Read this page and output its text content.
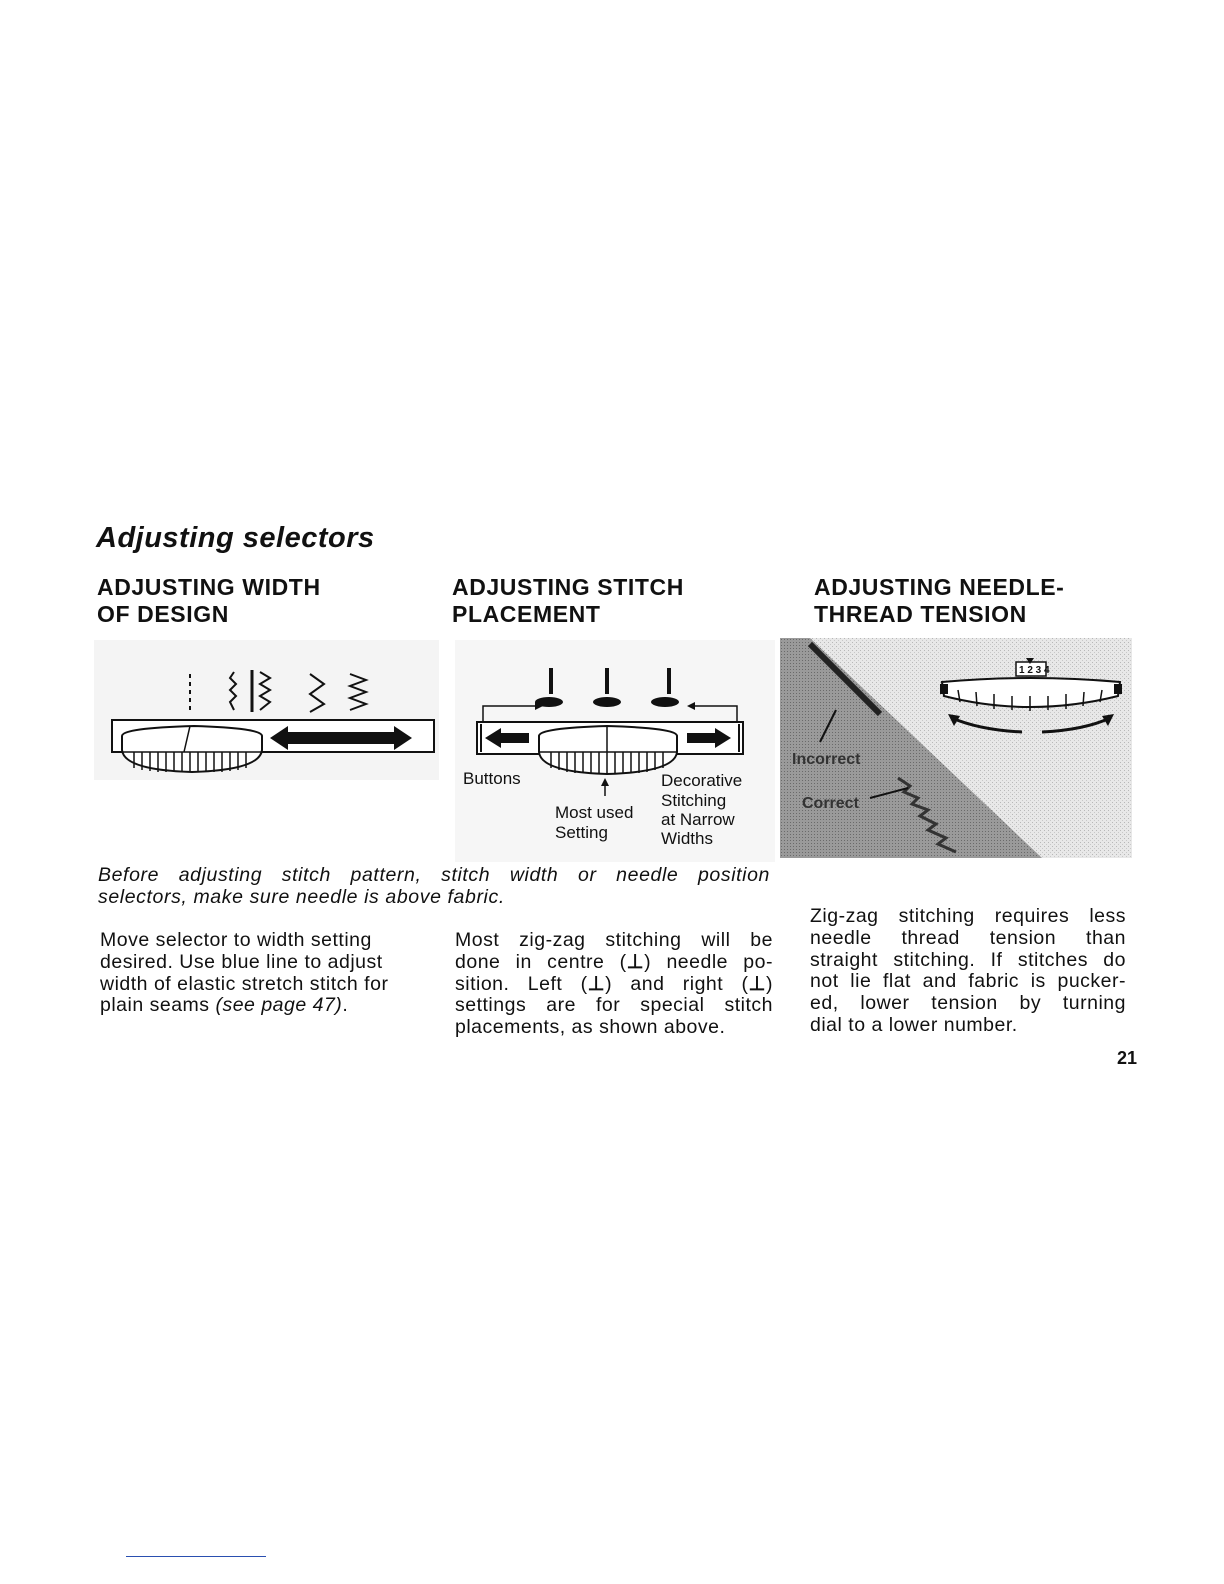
Adjusting selectors
ADJUSTING WIDTH
OF DESIGN
ADJUSTING STITCH
PLACEMENT
ADJUSTING NEEDLE-
THREAD TENSION
Buttons
Most used
Setting
Decorative
Stitching
at Narrow
Widths
Incorrect
Correct
1 2 3 4
Before adjusting stitch pattern, stitch width or needle position
selectors, make sure needle is above fabric.
Move selector to width setting
desired. Use blue line to adjust
width of elastic stretch stitch for
plain seams (see page 47).
Most zig-zag stitching will be
done in centre (⊥) needle po-
sition. Left (⊥) and right (⊥)
settings are for special stitch
placements, as shown above.
Zig-zag stitching requires less
needle thread tension than
straight stitching. If stitches do
not lie flat and fabric is pucker-
ed, lower tension by turning
dial to a lower number.
21
